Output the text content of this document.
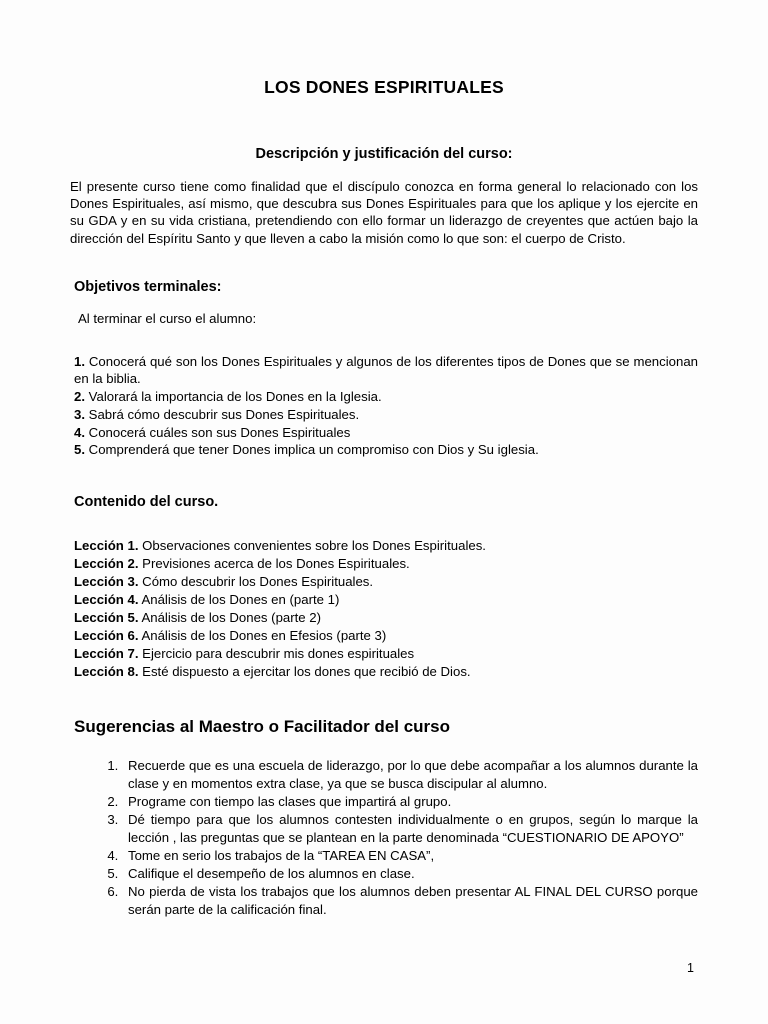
LOS DONES ESPIRITUALES
Descripción y justificación del curso:

El presente curso tiene como finalidad que el discípulo conozca en forma general lo relacionado con los Dones Espirituales, así mismo, que descubra sus Dones Espirituales para que los aplique y los ejercite en su GDA y en su vida cristiana, pretendiendo con ello formar un liderazgo de creyentes que actúen bajo la dirección del Espíritu Santo y que lleven a cabo la misión como lo que son: el cuerpo de Cristo.

Objetivos terminales:

Al terminar el curso el alumno:

1. Conocerá qué son los Dones Espirituales y algunos de los diferentes tipos de Dones que se mencionan en la biblia.
2. Valorará la importancia de los Dones en la Iglesia.
3. Sabrá cómo descubrir sus Dones Espirituales.
4. Conocerá cuáles son sus Dones Espirituales
5. Comprenderá que tener Dones implica un compromiso con Dios y Su iglesia.
Contenido del curso.
Lección 1. Observaciones convenientes sobre los Dones Espirituales.
Lección 2. Previsiones acerca de los Dones Espirituales.
Lección 3. Cómo descubrir los Dones Espirituales.
Lección 4. Análisis de los Dones en (parte 1)
Lección 5. Análisis de los Dones (parte 2)
Lección 6. Análisis de los Dones en Efesios (parte 3)
Lección 7. Ejercicio para descubrir mis dones espirituales
Lección 8. Esté dispuesto a ejercitar los dones que recibió de Dios.
Sugerencias al Maestro o Facilitador del curso
1. Recuerde que es una escuela de liderazgo, por lo que debe acompañar a los alumnos durante la clase y en momentos extra clase, ya que se busca discipular al alumno.
2. Programe con tiempo las clases que impartirá al grupo.
3. Dé tiempo para que los alumnos contesten individualmente o en grupos, según lo marque la lección , las preguntas que se plantean en la parte denominada “CUESTIONARIO DE APOYO”
4. Tome en serio los trabajos de la “TAREA EN CASA”,
5. Califique el desempeño de los alumnos en clase.
6. No pierda de vista los trabajos que los alumnos deben presentar AL FINAL DEL CURSO porque serán parte de la calificación final.
1
